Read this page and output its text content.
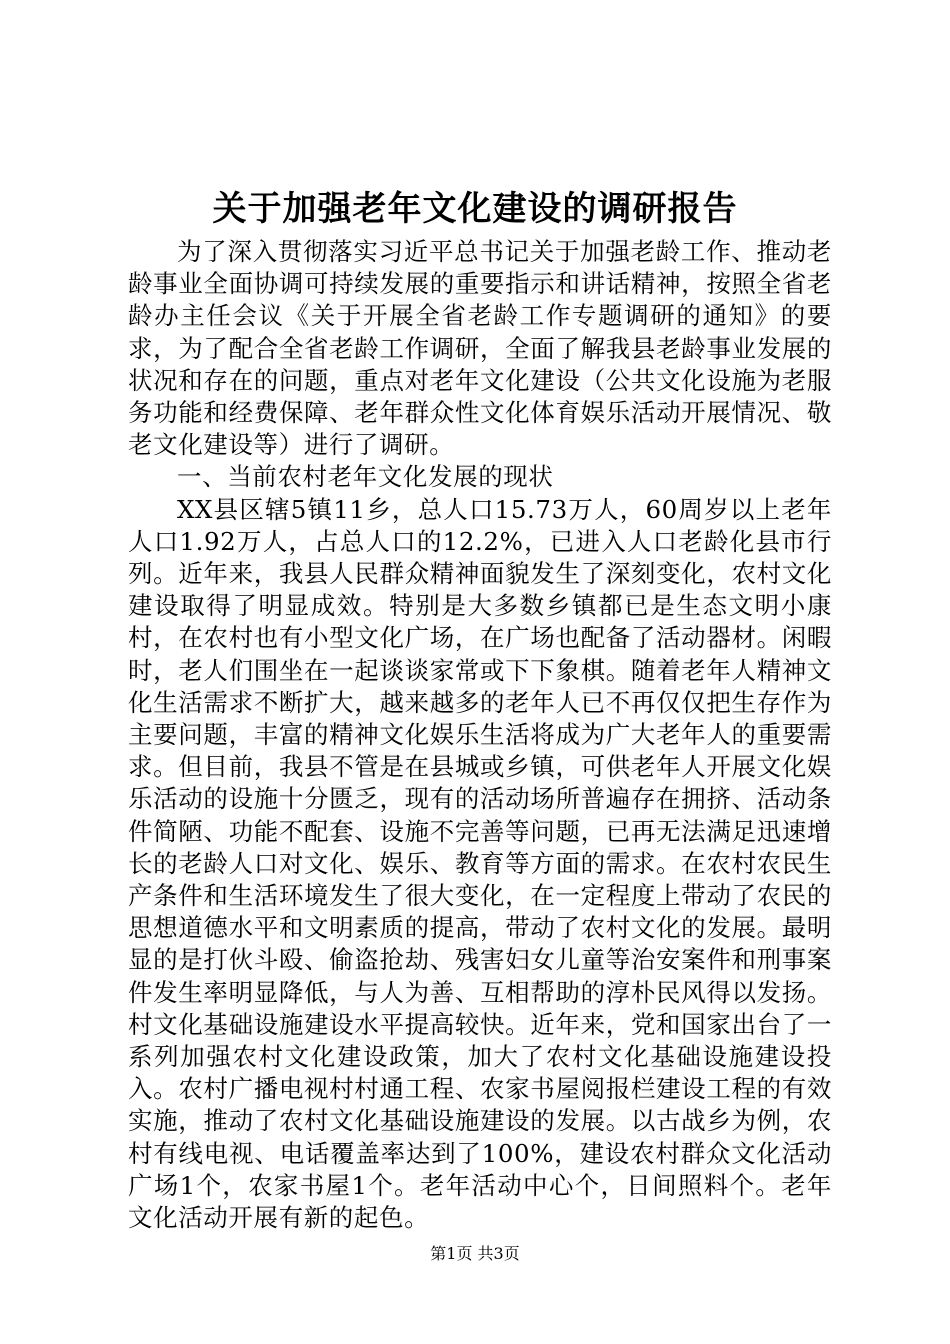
关于加强老年文化建设的调研报告

为了深入贯彻落实习近平总书记关于加强老龄工作、推动老龄事业全面协调可持续发展的重要指示和讲话精神，按照全省老龄办主任会议《关于开展全省老龄工作专题调研的通知》的要求，为了配合全省老龄工作调研，全面了解我县老龄事业发展的状况和存在的问题，重点对老年文化建设（公共文化设施为老服务功能和经费保障、老年群众性文化体育娱乐活动开展情况、敬老文化建设等）进行了调研。

一、当前农村老年文化发展的现状

XX县区辖5镇11乡，总人口15.73万人，60周岁以上老年人口1.92万人，占总人口的12.2%，已进入人口老龄化县市行列。近年来，我县人民群众精神面貌发生了深刻变化，农村文化建设取得了明显成效。特别是大多数乡镇都已是生态文明小康村，在农村也有小型文化广场，在广场也配备了活动器材。闲暇时，老人们围坐在一起谈谈家常或下下象棋。随着老年人精神文化生活需求不断扩大，越来越多的老年人已不再仅仅把生存作为主要问题，丰富的精神文化娱乐生活将成为广大老年人的重要需求。但目前，我县不管是在县城或乡镇，可供老年人开展文化娱乐活动的设施十分匮乏，现有的活动场所普遍存在拥挤、活动条件简陋、功能不配套、设施不完善等问题，已再无法满足迅速增长的老龄人口对文化、娱乐、教育等方面的需求。在农村农民生产条件和生活环境发生了很大变化，在一定程度上带动了农民的思想道德水平和文明素质的提高，带动了农村文化的发展。最明显的是打伙斗殴、偷盗抢劫、残害妇女儿童等治安案件和刑事案件发生率明显降低，与人为善、互相帮助的淳朴民风得以发扬。村文化基础设施建设水平提高较快。近年来，党和国家出台了一系列加强农村文化建设政策，加大了农村文化基础设施建设投入。农村广播电视村村通工程、农家书屋阅报栏建设工程的有效实施，推动了农村文化基础设施建设的发展。以古战乡为例，农村有线电视、电话覆盖率达到了100%，建设农村群众文化活动广场1个，农家书屋1个。老年活动中心个，日间照料个。老年文化活动开展有新的起色。

第1页 共3页
